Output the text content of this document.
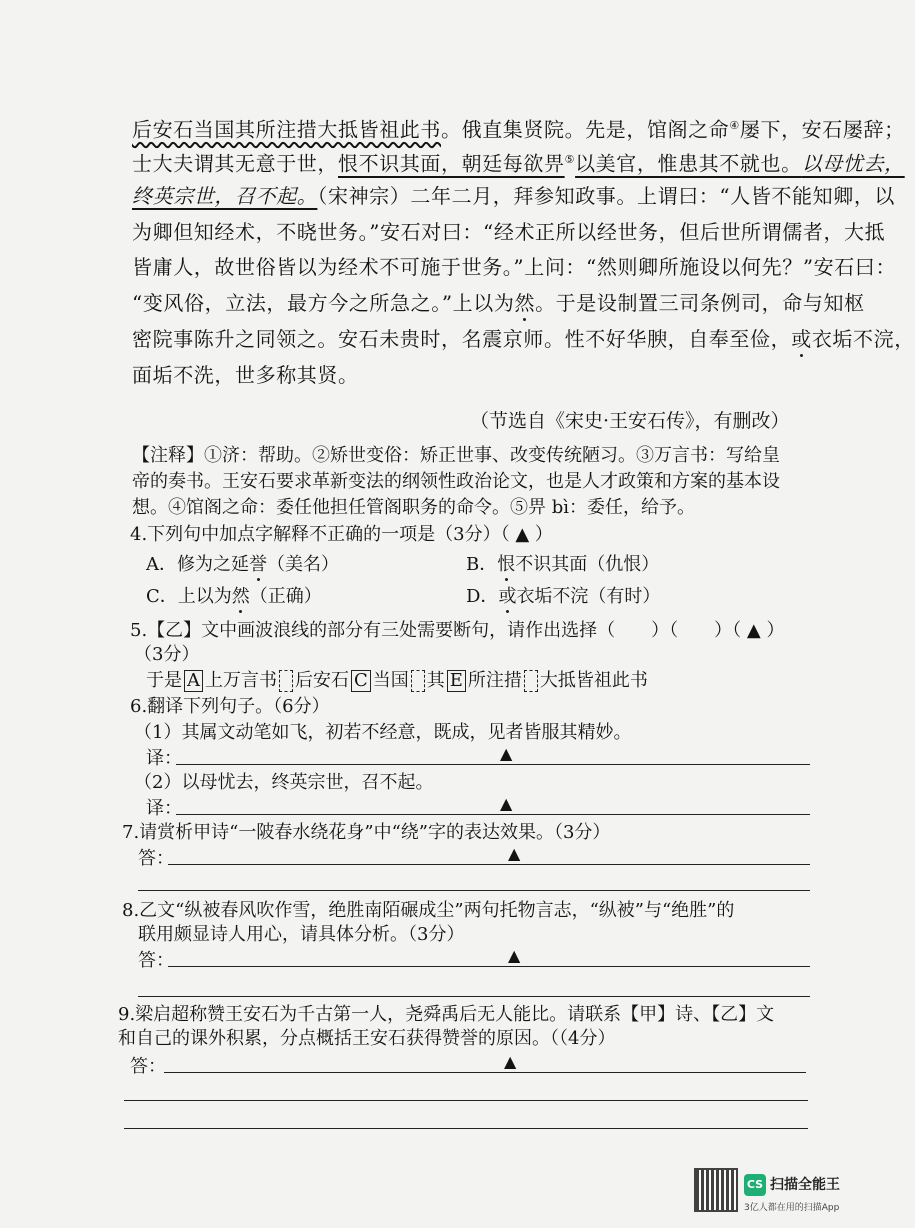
后安石当国其所注措大抵皆祖此书。俄直集贤院。先是，馆阁之命④屡下，安石屡辞；
士大夫谓其无意于世，恨不识其面，朝廷每欲畀⑤以美官，惟患其不就也。以母忧去，
终英宗世，召不起。（宋神宗）二年二月，拜参知政事。上谓曰：“人皆不能知卿，以
为卿但知经术，不晓世务。”安石对曰：“经术正所以经世务，但后世所谓儒者，大抵
皆庸人，故世俗皆以为经术不可施于世务。”上问：“然则卿所施设以何先？”安石曰：
“变风俗，立法，最方今之所急之。”上以为然。于是设制置三司条例司，命与知枢
密院事陈升之同领之。安石未贵时，名震京师。性不好华腴，自奉至俭，或衣垢不浣，
面垢不洗，世多称其贤。
（节选自《宋史·王安石传》，有删改）
【注释】①济：帮助。②矫世变俗：矫正世事、改变传统陋习。③万言书：写给皇
帝的奏书。王安石要求革新变法的纲领性政治论文，也是人才政策和方案的基本设
想。④馆阁之命：委任他担任管阁职务的命令。⑤畀 bì：委任，给予。
4.下列句中加点字解释不正确的一项是（3分）（ ▲ ）
A．修为之延誉（美名）	B．恨不识其面（仇恨）
C．上以为然（正确）	D．或衣垢不浣（有时）
5.【乙】文中画波浪线的部分有三处需要断句，请作出选择（　　）（　　）（ ▲ ）
（3分）
于是 A 上万言书 后安石 C 当国 其 E 所注措 大抵皆祖此书
6.翻译下列句子。（6分）
（1）其属文动笔如飞，初若不经意，既成，见者皆服其精妙。
译：	▲
（2）以母忧去，终英宗世，召不起。
译：	▲
7.请赏析甲诗“一陂春水绕花身”中“绕”字的表达效果。（3分）
答：	▲
8.乙文“纵被春风吹作雪，绝胜南陌碾成尘”两句托物言志，“纵被”与“绝胜”的
联用颇显诗人用心，请具体分析。（3分）
答：	▲
9.梁启超称赞王安石为千古第一人，尧舜禹后无人能比。请联系【甲】诗、【乙】文
和自己的课外积累，分点概括王安石获得赞誉的原因。（（4分）
答：	▲
CS 扫描全能王
3亿人都在用的扫描App
